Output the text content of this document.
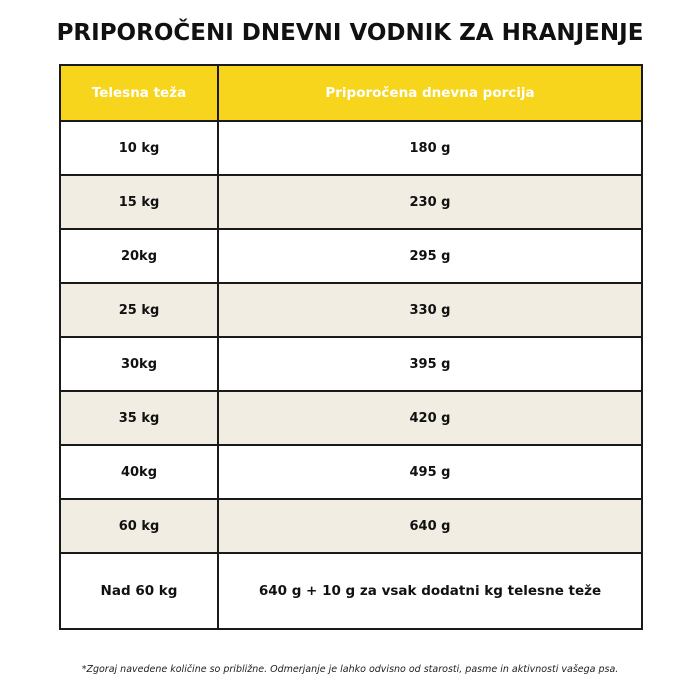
PRIPOROČENI DNEVNI VODNIK ZA HRANJENJE
Telesna teža	Priporočena dnevna porcija
10 kg	180 g
15 kg	230 g
20kg	295 g
25 kg	330 g
30kg	395 g
35 kg	420 g
40kg	495 g
60 kg	640 g
Nad 60 kg	640 g + 10 g za vsak dodatni kg telesne teže
*Zgoraj navedene količine so približne. Odmerjanje je lahko odvisno od starosti, pasme in aktivnosti vašega psa.
